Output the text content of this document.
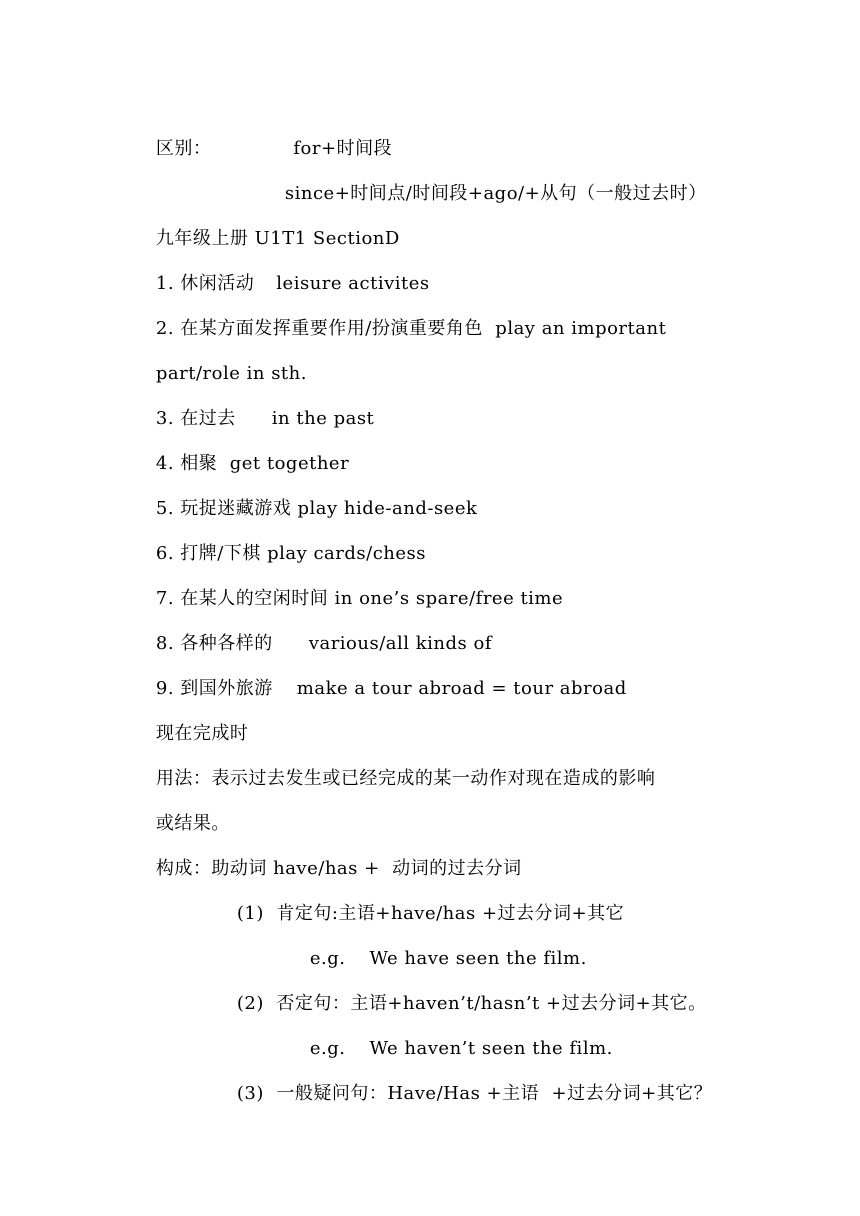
区别：	for+时间段

since+时间点/时间段+ago/+从句（一般过去时）

九年级上册 U1T1 SectionD

1. 休闲活动 leisure activites

2. 在某方面发挥重要作用/扮演重要角色  play an important

part/role in sth.

3. 在过去 in the past

4. 相聚  get together

5. 玩捉迷藏游戏 play hide-and-seek

6. 打牌/下棋 play cards/chess

7. 在某人的空闲时间 in one’s spare/free time

8. 各种各样的 various/all kinds of

9. 到国外旅游 make a tour abroad = tour abroad

现在完成时

用法：表示过去发生或已经完成的某一动作对现在造成的影响

或结果。

构成：助动词 have/has +  动词的过去分词

(1)  肯定句:主语+have/has +过去分词+其它

e.g. We have seen the film.

(2)  否定句：主语+haven’t/hasn’t +过去分词+其它。

e.g. We haven’t seen the film.

(3)  一般疑问句：Have/Has +主语  +过去分词+其它？
